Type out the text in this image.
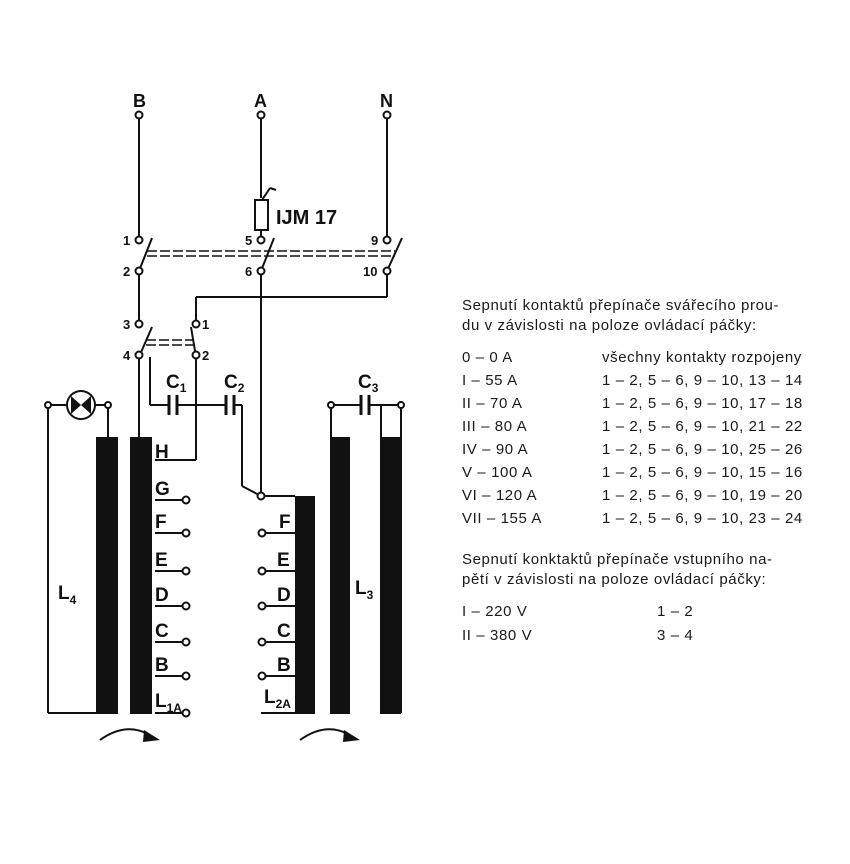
B	A	N
IJM 17
1
2
5
6
9
10
3
4
1
2
$C_1$ $C_2$	$C_3$
H
G
F
E
D
C
B
$L_{1A}$
F
E
D
C
B
$L_{2A}$
$L_4$
$L_3$

Sepnutí kontaktů přepínače svářecího prou-

du v závislosti na poloze ovládací páčky:

0 – 0 A	všechny kontakty rozpojeny
I – 55 A	1 – 2, 5 – 6, 9 – 10, 13 – 14
II – 70 A	1 – 2, 5 – 6, 9 – 10, 17 – 18
III – 80 A	1 – 2, 5 – 6, 9 – 10, 21 – 22
IV – 90 A	1 – 2, 5 – 6, 9 – 10, 25 – 26
V – 100 A	1 – 2, 5 – 6, 9 – 10, 15 – 16
VI – 120 A	1 – 2, 5 – 6, 9 – 10, 19 – 20
VII – 155 A	1 – 2, 5 – 6, 9 – 10, 23 – 24

Sepnutí konktaktů přepínače vstupního na-

pětí v závislosti na poloze ovládací páčky:

I – 220 V	1 – 2
II – 380 V	3 – 4
